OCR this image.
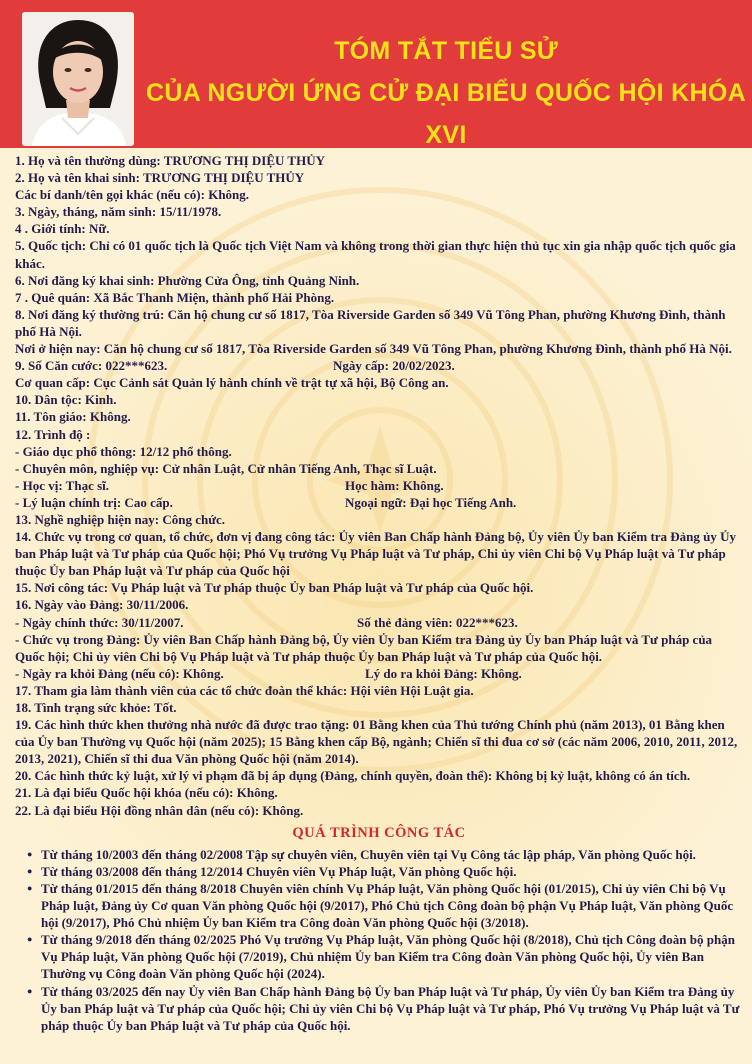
TÓM TẮT TIỂU SỬ
CỦA NGƯỜI ỨNG CỬ ĐẠI BIỂU QUỐC HỘI KHÓA XVI

1. Họ và tên thường dùng: TRƯƠNG THỊ DIỆU THỦY

2. Họ và tên khai sinh: TRƯƠNG THỊ DIỆU THỦY

Các bí danh/tên gọi khác (nếu có): Không.

3. Ngày, tháng, năm sinh: 15/11/1978.

4 . Giới tính: Nữ.

5. Quốc tịch: Chỉ có 01 quốc tịch là Quốc tịch Việt Nam và không trong thời gian thực hiện thủ tục xin gia nhập quốc tịch quốc gia khác.

6. Nơi đăng ký khai sinh: Phường Cửa Ông, tỉnh Quảng Ninh.

7 . Quê quán: Xã Bắc Thanh Miện, thành phố Hải Phòng.

8. Nơi đăng ký thường trú: Căn hộ chung cư số 1817, Tòa Riverside Garden số 349 Vũ Tông Phan, phường Khương Đình, thành phố Hà Nội.

Nơi ở hiện nay: Căn hộ chung cư số 1817, Tòa Riverside Garden số 349 Vũ Tông Phan, phường Khương Đình, thành phố Hà Nội.

9. Số Căn cước: 022***623.	Ngày cấp: 20/02/2023.

Cơ quan cấp: Cục Cảnh sát Quản lý hành chính về trật tự xã hội, Bộ Công an.

10. Dân tộc: Kinh.

11. Tôn giáo: Không.

12. Trình độ :

- Giáo dục phổ thông: 12/12 phổ thông.

- Chuyên môn, nghiệp vụ: Cử nhân Luật, Cử nhân Tiếng Anh, Thạc sĩ Luật.

- Học vị: Thạc sĩ.	Học hàm: Không.
- Lý luận chính trị: Cao cấp.	Ngoại ngữ: Đại học Tiếng Anh.

13. Nghề nghiệp hiện nay: Công chức.

14. Chức vụ trong cơ quan, tổ chức, đơn vị đang công tác: Ủy viên Ban Chấp hành Đảng bộ, Ủy viên Ủy ban Kiểm tra Đảng ủy Ủy ban Pháp luật và Tư pháp của Quốc hội; Phó Vụ trưởng Vụ Pháp luật và Tư pháp, Chi ủy viên Chi bộ Vụ Pháp luật và Tư pháp thuộc Ủy ban Pháp luật và Tư pháp của Quốc hội

15. Nơi công tác: Vụ Pháp luật và Tư pháp thuộc Ủy ban Pháp luật và Tư pháp của Quốc hội.

16. Ngày vào Đảng: 30/11/2006.

- Ngày chính thức: 30/11/2007.	Số thẻ đảng viên: 022***623.

- Chức vụ trong Đảng: Ủy viên Ban Chấp hành Đảng bộ, Ủy viên Ủy ban Kiểm tra Đảng ủy Ủy ban Pháp luật và Tư pháp của Quốc hội; Chi ủy viên Chi bộ Vụ Pháp luật và Tư pháp thuộc Ủy ban Pháp luật và Tư pháp của Quốc hội.

- Ngày ra khỏi Đảng (nếu có): Không.	Lý do ra khỏi Đảng: Không.

17. Tham gia làm thành viên của các tổ chức đoàn thể khác: Hội viên Hội Luật gia.

18. Tình trạng sức khỏe: Tốt.

19. Các hình thức khen thưởng nhà nước đã được trao tặng: 01 Bằng khen của Thủ tướng Chính phủ (năm 2013), 01 Bằng khen của Ủy ban Thường vụ Quốc hội (năm 2025); 15 Bằng khen cấp Bộ, ngành; Chiến sĩ thi đua cơ sở (các năm 2006, 2010, 2011, 2012, 2013, 2021), Chiến sĩ thi đua Văn phòng Quốc hội (năm 2014).

20. Các hình thức kỷ luật, xử lý vi phạm đã bị áp dụng (Đảng, chính quyền, đoàn thể): Không bị kỷ luật, không có án tích.

21. Là đại biểu Quốc hội khóa (nếu có): Không.

22. Là đại biểu Hội đồng nhân dân (nếu có): Không.

QUÁ TRÌNH CÔNG TÁC
● Từ tháng 10/2003 đến tháng 02/2008 Tập sự chuyên viên, Chuyên viên tại Vụ Công tác lập pháp, Văn phòng Quốc hội.
● Từ tháng 03/2008 đến tháng 12/2014 Chuyên viên Vụ Pháp luật, Văn phòng Quốc hội.
● Từ tháng 01/2015 đến tháng 8/2018 Chuyên viên chính Vụ Pháp luật, Văn phòng Quốc hội (01/2015), Chi ủy viên Chi bộ Vụ Pháp luật, Đảng ủy Cơ quan Văn phòng Quốc hội (9/2017), Phó Chủ tịch Công đoàn bộ phận Vụ Pháp luật, Văn phòng Quốc hội (9/2017), Phó Chủ nhiệm Ủy ban Kiểm tra Công đoàn Văn phòng Quốc hội (3/2018).
● Từ tháng 9/2018 đến tháng 02/2025 Phó Vụ trưởng Vụ Pháp luật, Văn phòng Quốc hội (8/2018), Chủ tịch Công đoàn bộ phận Vụ Pháp luật, Văn phòng Quốc hội (7/2019), Chủ nhiệm Ủy ban Kiểm tra Công đoàn Văn phòng Quốc hội, Ủy viên Ban Thường vụ Công đoàn Văn phòng Quốc hội (2024).
● Từ tháng 03/2025 đến nay Ủy viên Ban Chấp hành Đảng bộ Ủy ban Pháp luật và Tư pháp, Ủy viên Ủy ban Kiểm tra Đảng ủy Ủy ban Pháp luật và Tư pháp của Quốc hội; Chi ủy viên Chi bộ Vụ Pháp luật và Tư pháp, Phó Vụ trưởng Vụ Pháp luật và Tư pháp thuộc Ủy ban Pháp luật và Tư pháp của Quốc hội.
